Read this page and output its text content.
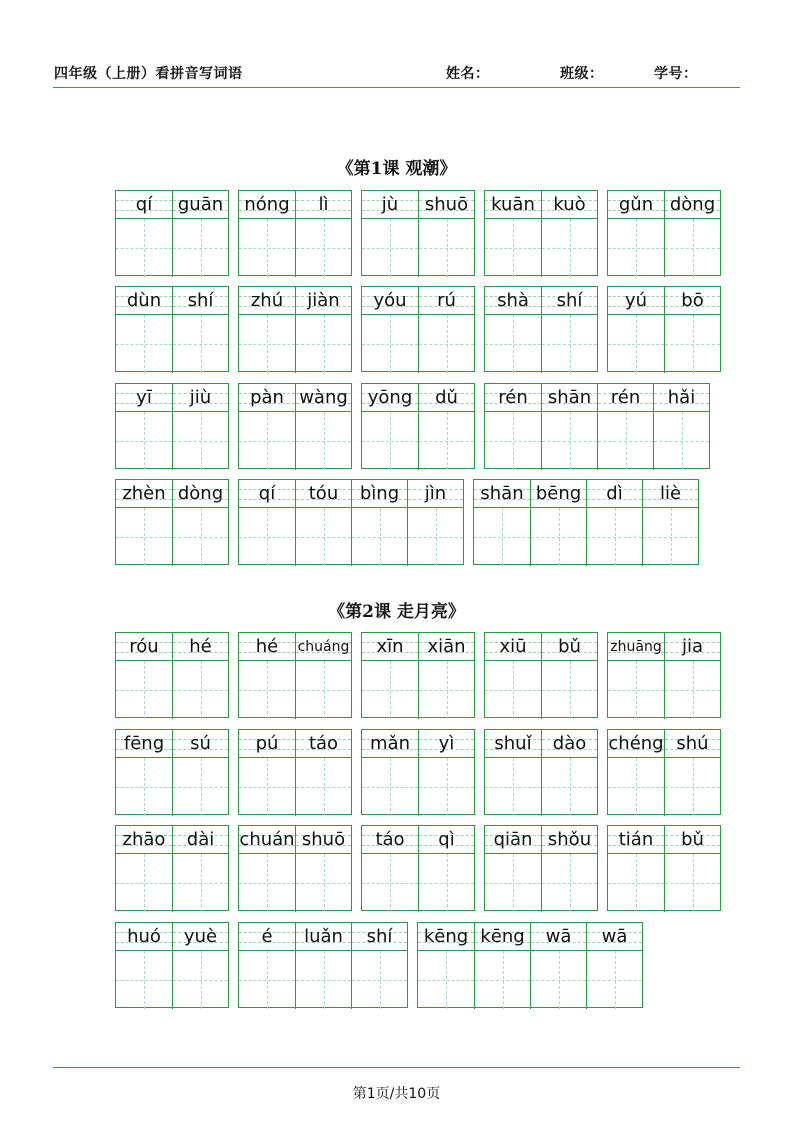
四年级（上册）看拼音写词语	姓名：	班级：	学号：
《第1课 观潮》
《第2课 走月亮》
qí guān nóng lì	jù shuō kuān kuò gǔn dòng
dùn shí zhú jiàn yóu rú shà shí yú bō
yī jiù pàn wàng yōng dǔ rén shān rén hǎi
zhèn dòng qí tóu bìng jìn shān bēng dì liè
róu hé hé chuáng xīn xiān xiū bǔ zhuāng jia
fēng sú pú táo mǎn yì shuǐ dào chéng shú
zhāo dài chuán shuō táo qì qiān shǒu tián bǔ
huó yuè é luǎn shí kēng kēng wā wā
第1页/共10页
